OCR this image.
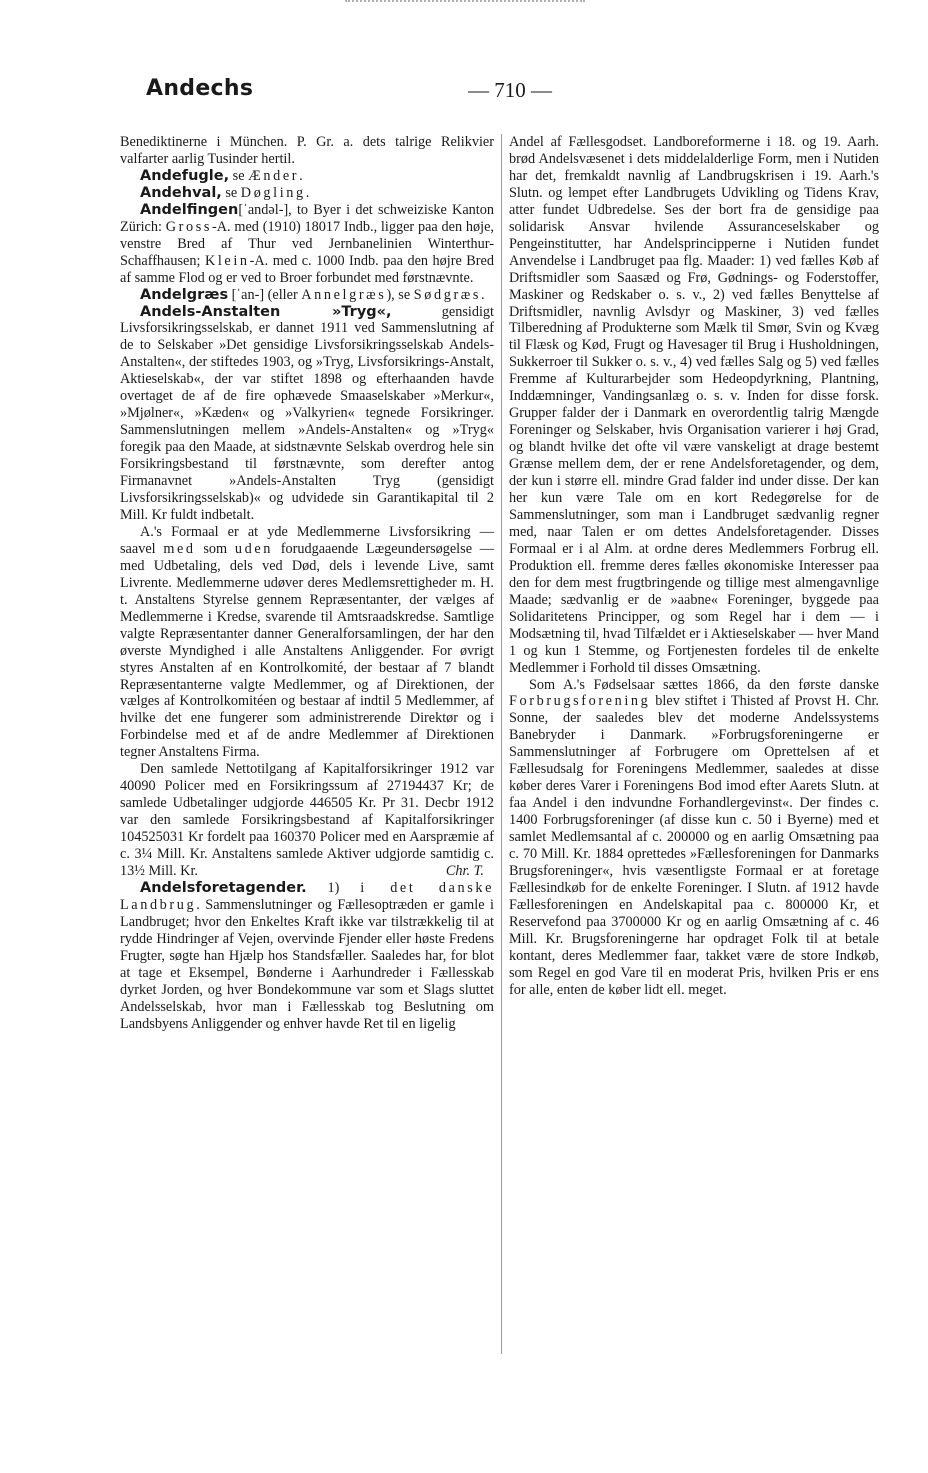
Andechs	— 710 —

Benediktinerne i München. P. Gr. a. dets talrige Relikvier valfarter aarlig Tusinder hertil.

Andefugle, se Ænder.

Andehval, se Døgling.

Andelfingen[ˈandəl-], to Byer i det schweiziske Kanton Zürich: Gross-A. med (1910) 18017 Indb., ligger paa den høje, venstre Bred af Thur ved Jernbanelinien Winterthur-Schaffhausen; Klein-A. med c. 1000 Indb. paa den højre Bred af samme Flod og er ved to Broer forbundet med førstnævnte.

Andelgræs [ˈan-] (eller Annelgræs), se Sødgræs.

Andels-Anstalten »Tryg«, gensidigt Livsforsikringsselskab, er dannet 1911 ved Sammenslutning af de to Selskaber »Det gensidige Livsforsikringsselskab Andels-Anstalten«, der stiftedes 1903, og »Tryg, Livsforsikrings-Anstalt, Aktieselskab«, der var stiftet 1898 og efterhaanden havde overtaget de af de fire ophævede Smaaselskaber »Merkur«, »Mjølner«, »Kæden« og »Valkyrien« tegnede Forsikringer. Sammenslutningen mellem »Andels-Anstalten« og »Tryg« foregik paa den Maade, at sidstnævnte Selskab overdrog hele sin Forsikringsbestand til førstnævnte, som derefter antog Firmanavnet »Andels-Anstalten Tryg (gensidigt Livsforsikringsselskab)« og udvidede sin Garantikapital til 2 Mill. Kr fuldt indbetalt.

A.'s Formaal er at yde Medlemmerne Livsforsikring — saavel med som uden forudgaaende Lægeundersøgelse — med Udbetaling, dels ved Død, dels i levende Live, samt Livrente. Medlemmerne udøver deres Medlemsrettigheder m. H. t. Anstaltens Styrelse gennem Repræsentanter, der vælges af Medlemmerne i Kredse, svarende til Amtsraadskredse. Samtlige valgte Repræsentanter danner Generalforsamlingen, der har den øverste Myndighed i alle Anstaltens Anliggender. For øvrigt styres Anstalten af en Kontrolkomité, der bestaar af 7 blandt Repræsentanterne valgte Medlemmer, og af Direktionen, der vælges af Kontrolkomitéen og bestaar af indtil 5 Medlemmer, af hvilke det ene fungerer som administrerende Direktør og i Forbindelse med et af de andre Medlemmer af Direktionen tegner Anstaltens Firma.

Den samlede Nettotilgang af Kapitalforsikringer 1912 var 40090 Policer med en Forsikringssum af 27194437 Kr; de samlede Udbetalinger udgjorde 446505 Kr. Pr 31. Decbr 1912 var den samlede Forsikringsbestand af Kapitalforsikringer 104525031 Kr fordelt paa 160370 Policer med en Aarspræmie af c. 3¼ Mill. Kr. Anstaltens samlede Aktiver udgjorde samtidig c. 13½ Mill. Kr.	Chr. T.

Andelsforetagender. 1) i det danske Landbrug. Sammenslutninger og Fællesoptræden er gamle i Landbruget; hvor den Enkeltes Kraft ikke var tilstrækkelig til at rydde Hindringer af Vejen, overvinde Fjender eller høste Fredens Frugter, søgte han Hjælp hos Standsfæller. Saaledes har, for blot at tage et Eksempel, Bønderne i Aarhundreder i Fællesskab dyrket Jorden, og hver Bondekommune var som et Slags sluttet Andelsselskab, hvor man i Fællesskab tog Beslutning om Landsbyens Anliggender og enhver havde Ret til en ligelig

Andel af Fællesgodset. Landboreformerne i 18. og 19. Aarh. brød Andelsvæsenet i dets middelalderlige Form, men i Nutiden har det, fremkaldt navnlig af Landbrugskrisen i 19. Aarh.'s Slutn. og lempet efter Landbrugets Udvikling og Tidens Krav, atter fundet Udbredelse. Ses der bort fra de gensidige paa solidarisk Ansvar hvilende Assuranceselskaber og Pengeinstitutter, har Andelsprincipperne i Nutiden fundet Anvendelse i Landbruget paa flg. Maader: 1) ved fælles Køb af Driftsmidler som Saasæd og Frø, Gødnings- og Foderstoffer, Maskiner og Redskaber o. s. v., 2) ved fælles Benyttelse af Driftsmidler, navnlig Avlsdyr og Maskiner, 3) ved fælles Tilberedning af Produkterne som Mælk til Smør, Svin og Kvæg til Flæsk og Kød, Frugt og Havesager til Brug i Husholdningen, Sukkerroer til Sukker o. s. v., 4) ved fælles Salg og 5) ved fælles Fremme af Kulturarbejder som Hedeopdyrkning, Plantning, Inddæmninger, Vandingsanlæg o. s. v. Inden for disse forsk. Grupper falder der i Danmark en overordentlig talrig Mængde Foreninger og Selskaber, hvis Organisation varierer i høj Grad, og blandt hvilke det ofte vil være vanskeligt at drage bestemt Grænse mellem dem, der er rene Andelsforetagender, og dem, der kun i større ell. mindre Grad falder ind under disse. Der kan her kun være Tale om en kort Redegørelse for de Sammenslutninger, som man i Landbruget sædvanlig regner med, naar Talen er om dettes Andelsforetagender. Disses Formaal er i al Alm. at ordne deres Medlemmers Forbrug ell. Produktion ell. fremme deres fælles økonomiske Interesser paa den for dem mest frugtbringende og tillige mest almengavnlige Maade; sædvanlig er de »aabne« Foreninger, byggede paa Solidaritetens Principper, og som Regel har i dem — i Modsætning til, hvad Tilfældet er i Aktieselskaber — hver Mand 1 og kun 1 Stemme, og Fortjenesten fordeles til de enkelte Medlemmer i Forhold til disses Omsætning.

Som A.'s Fødselsaar sættes 1866, da den første danske Forbrugsforening blev stiftet i Thisted af Provst H. Chr. Sonne, der saaledes blev det moderne Andelssystems Banebryder i Danmark. »Forbrugsforeningerne er Sammenslutninger af Forbrugere om Oprettelsen af et Fællesudsalg for Foreningens Medlemmer, saaledes at disse køber deres Varer i Foreningens Bod imod efter Aarets Slutn. at faa Andel i den indvundne Forhandlergevinst«. Der findes c. 1400 Forbrugsforeninger (af disse kun c. 50 i Byerne) med et samlet Medlemsantal af c. 200000 og en aarlig Omsætning paa c. 70 Mill. Kr. 1884 oprettedes »Fællesforeningen for Danmarks Brugsforeninger«, hvis væsentligste Formaal er at foretage Fællesindkøb for de enkelte Foreninger. I Slutn. af 1912 havde Fællesforeningen en Andelskapital paa c. 800000 Kr, et Reservefond paa 3700000 Kr og en aarlig Omsætning af c. 46 Mill. Kr. Brugsforeningerne har opdraget Folk til at betale kontant, deres Medlemmer faar, takket være de store Indkøb, som Regel en god Vare til en moderat Pris, hvilken Pris er ens for alle, enten de køber lidt ell. meget.
